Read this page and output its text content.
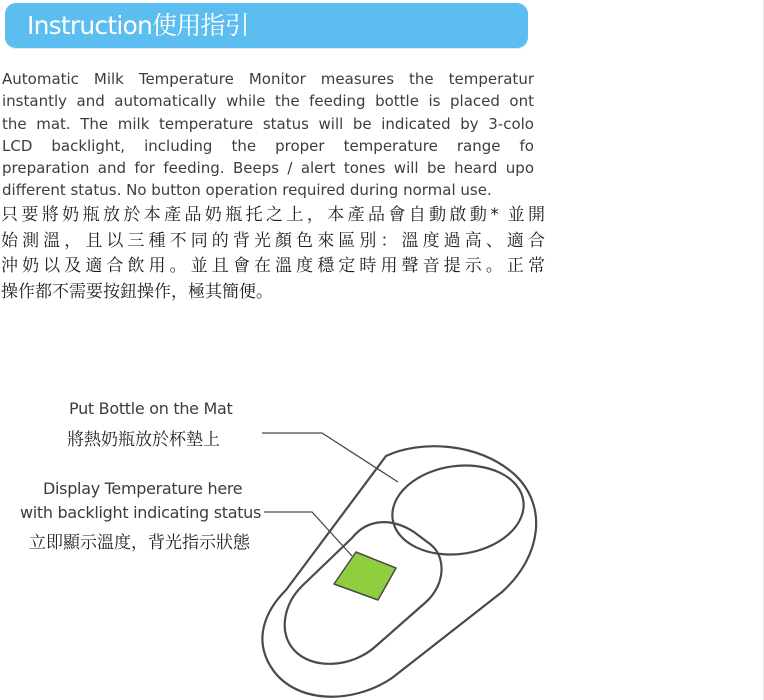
Instruction使用指引
Automatic Milk Temperature Monitor measures the temperatur
instantly and automatically while the feeding bottle is placed ont
the mat. The milk temperature status will be indicated by 3-colo
LCD backlight, including the proper temperature range fo
preparation and for feeding. Beeps / alert tones will be heard upo
different status. No button operation required during normal use.
只要將奶瓶放於本產品奶瓶托之上，本產品會自動啟動* 並開
始測溫，且以三種不同的背光顏色來區別：溫度過高、適合
沖奶以及適合飲用。並且會在溫度穩定時用聲音提示。正常
操作都不需要按鈕操作，極其簡便。
Put Bottle on the Mat
將熱奶瓶放於杯墊上
Display Temperature here
with backlight indicating status
立即顯示溫度，背光指示狀態
